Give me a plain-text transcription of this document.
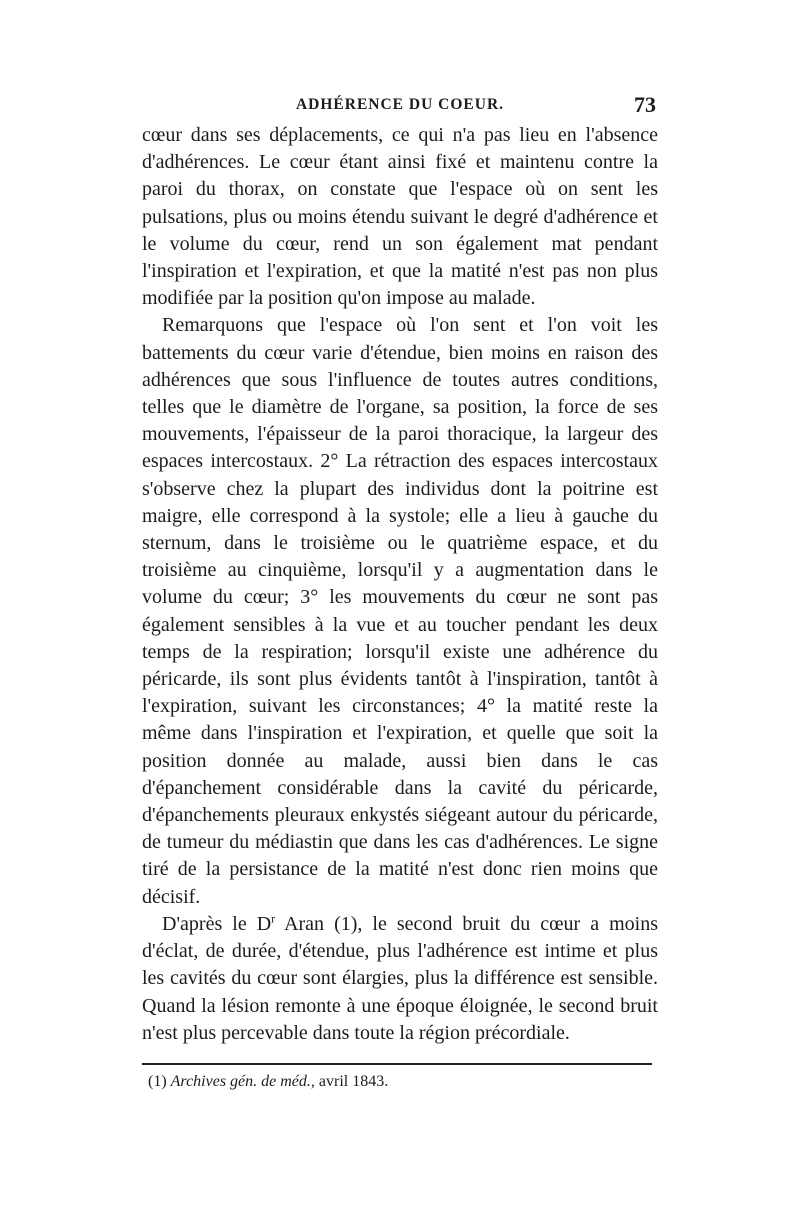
ADHÉRENCE DU COEUR.	73

cœur dans ses déplacements, ce qui n'a pas lieu en l'absence d'adhérences. Le cœur étant ainsi fixé et maintenu contre la paroi du thorax, on constate que l'espace où on sent les pulsations, plus ou moins étendu suivant le degré d'adhérence et le volume du cœur, rend un son également mat pendant l'inspiration et l'expiration, et que la matité n'est pas non plus modifiée par la position qu'on impose au malade.

Remarquons que l'espace où l'on sent et l'on voit les battements du cœur varie d'étendue, bien moins en raison des adhérences que sous l'influence de toutes autres conditions, telles que le diamètre de l'organe, sa position, la force de ses mouvements, l'épaisseur de la paroi thoracique, la largeur des espaces intercostaux. 2° La rétraction des espaces intercostaux s'observe chez la plupart des individus dont la poitrine est maigre, elle correspond à la systole; elle a lieu à gauche du sternum, dans le troisième ou le quatrième espace, et du troisième au cinquième, lorsqu'il y a augmentation dans le volume du cœur; 3° les mouvements du cœur ne sont pas également sensibles à la vue et au toucher pendant les deux temps de la respiration; lorsqu'il existe une adhérence du péricarde, ils sont plus évidents tantôt à l'inspiration, tantôt à l'expiration, suivant les circonstances; 4° la matité reste la même dans l'inspiration et l'expiration, et quelle que soit la position donnée au malade, aussi bien dans le cas d'épanchement considérable dans la cavité du péricarde, d'épanchements pleuraux enkystés siégeant autour du péricarde, de tumeur du médiastin que dans les cas d'adhérences. Le signe tiré de la persistance de la matité n'est donc rien moins que décisif.

D'après le $D^r$ Aran (1), le second bruit du cœur a moins d'éclat, de durée, d'étendue, plus l'adhérence est intime et plus les cavités du cœur sont élargies, plus la différence est sensible. Quand la lésion remonte à une époque éloignée, le second bruit n'est plus percevable dans toute la région précordiale.

(1) Archives gén. de méd., avril 1843.
